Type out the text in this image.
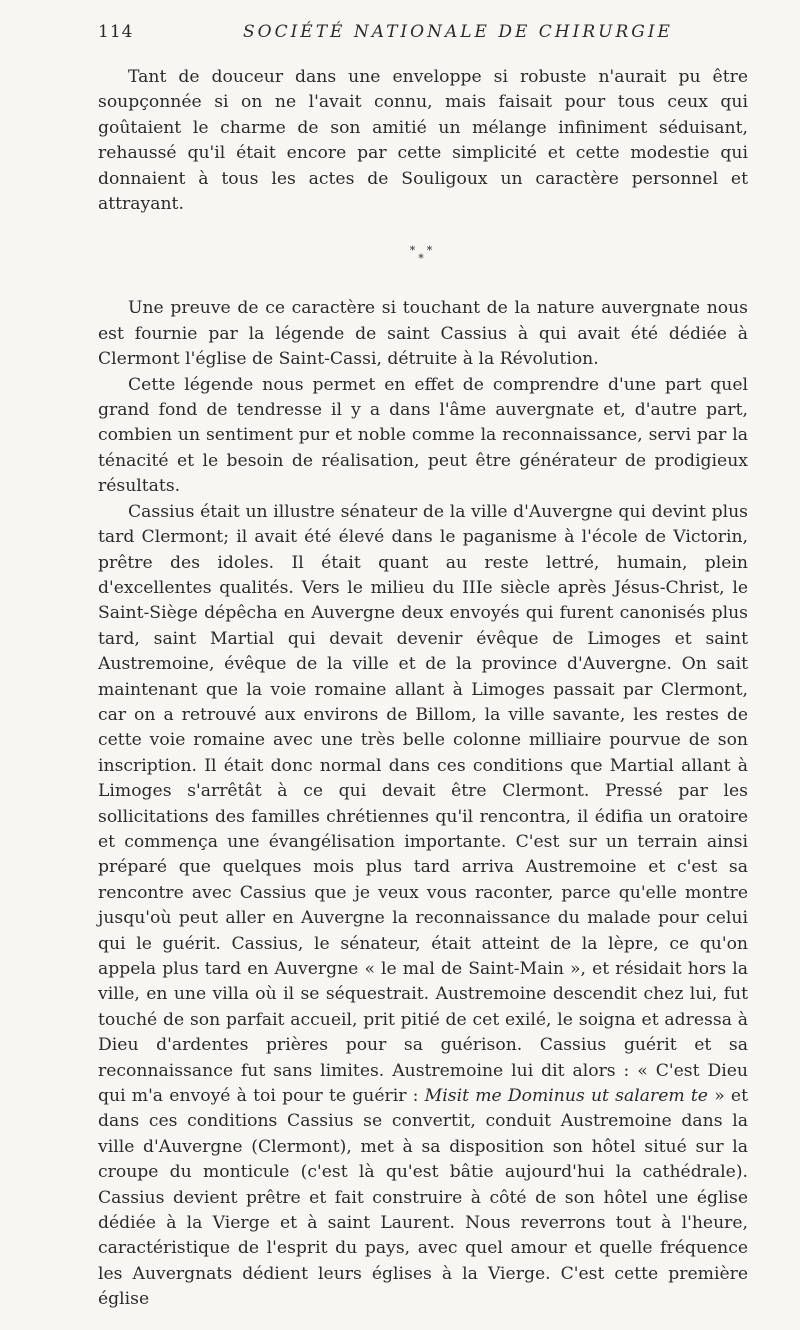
114	SOCIÉTÉ NATIONALE DE CHIRURGIE

Tant de douceur dans une enveloppe si robuste n'aurait pu être soupçonnée si on ne l'avait connu, mais faisait pour tous ceux qui goûtaient le charme de son amitié un mélange infiniment séduisant, rehaussé qu'il était encore par cette simplicité et cette modestie qui donnaient à tous les actes de Souligoux un caractère personnel et attrayant.

* * *

Une preuve de ce caractère si touchant de la nature auvergnate nous est fournie par la légende de saint Cassius à qui avait été dédiée à Clermont l'église de Saint-Cassi, détruite à la Révolution.

Cette légende nous permet en effet de comprendre d'une part quel grand fond de tendresse il y a dans l'âme auvergnate et, d'autre part, combien un sentiment pur et noble comme la reconnaissance, servi par la ténacité et le besoin de réalisation, peut être générateur de prodigieux résultats.

Cassius était un illustre sénateur de la ville d'Auvergne qui devint plus tard Clermont; il avait été élevé dans le paganisme à l'école de Victorin, prêtre des idoles. Il était quant au reste lettré, humain, plein d'excellentes qualités. Vers le milieu du IIIe siècle après Jésus-Christ, le Saint-Siège dépêcha en Auvergne deux envoyés qui furent canonisés plus tard, saint Martial qui devait devenir évêque de Limoges et saint Austremoine, évêque de la ville et de la province d'Auvergne. On sait maintenant que la voie romaine allant à Limoges passait par Clermont, car on a retrouvé aux environs de Billom, la ville savante, les restes de cette voie romaine avec une très belle colonne milliaire pourvue de son inscription. Il était donc normal dans ces conditions que Martial allant à Limoges s'arrêtât à ce qui devait être Clermont. Pressé par les sollicitations des familles chrétiennes qu'il rencontra, il édifia un oratoire et commença une évangélisation importante. C'est sur un terrain ainsi préparé que quelques mois plus tard arriva Austremoine et c'est sa rencontre avec Cassius que je veux vous raconter, parce qu'elle montre jusqu'où peut aller en Auvergne la reconnaissance du malade pour celui qui le guérit. Cassius, le sénateur, était atteint de la lèpre, ce qu'on appela plus tard en Auvergne « le mal de Saint-Main », et résidait hors la ville, en une villa où il se séquestrait. Austremoine descendit chez lui, fut touché de son parfait accueil, prit pitié de cet exilé, le soigna et adressa à Dieu d'ardentes prières pour sa guérison. Cassius guérit et sa reconnaissance fut sans limites. Austremoine lui dit alors : « C'est Dieu qui m'a envoyé à toi pour te guérir : Misit me Dominus ut salarem te » et dans ces conditions Cassius se convertit, conduit Austremoine dans la ville d'Auvergne (Clermont), met à sa disposition son hôtel situé sur la croupe du monticule (c'est là qu'est bâtie aujourd'hui la cathédrale). Cassius devient prêtre et fait construire à côté de son hôtel une église dédiée à la Vierge et à saint Laurent. Nous reverrons tout à l'heure, caractéristique de l'esprit du pays, avec quel amour et quelle fréquence les Auvergnats dédient leurs églises à la Vierge. C'est cette première église
